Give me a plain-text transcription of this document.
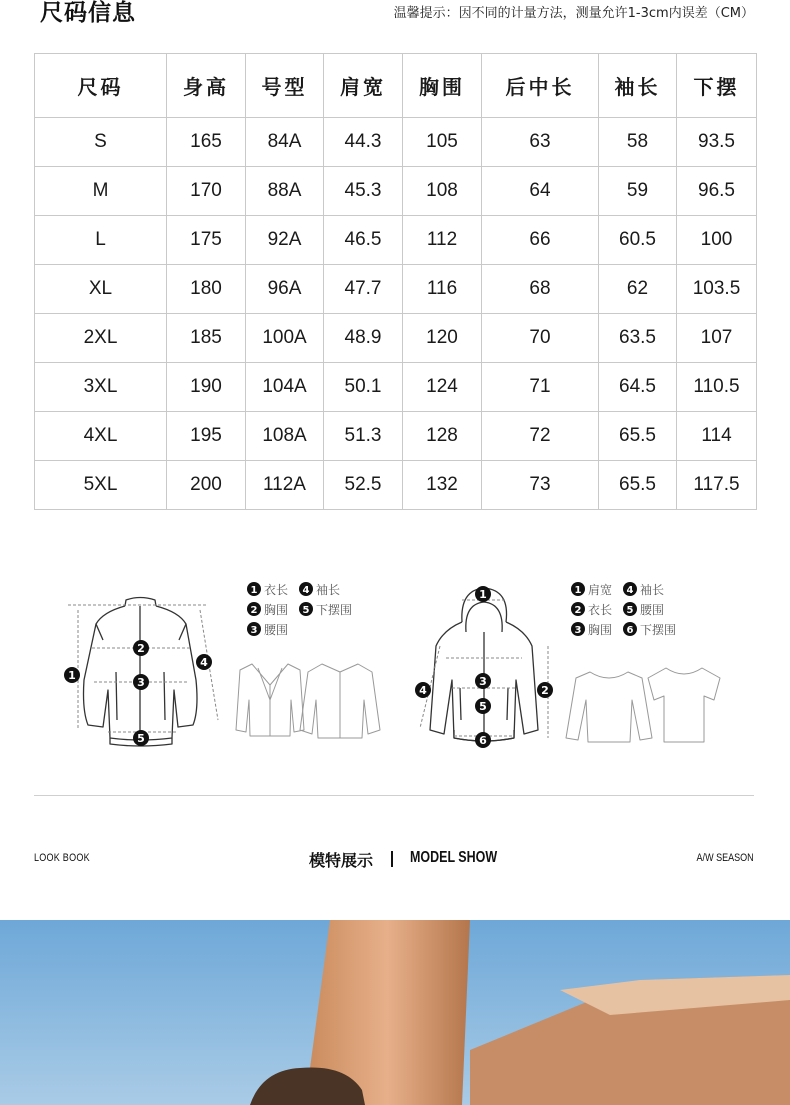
尺码信息	温馨提示：因不同的计量方法，测量允许1-3cm内误差（CM）
尺码	身高	号型	肩宽	胸围	后中长	袖长	下摆
S	165	84A	44.3	105	63	58	93.5
M	170	88A	45.3	108	64	59	96.5
L	175	92A	46.5	112	66	60.5	100
XL	180	96A	47.7	116	68	62	103.5
2XL	185	100A	48.9	120	70	63.5	107
3XL	190	104A	50.1	124	71	64.5	110.5
4XL	195	108A	51.3	128	72	65.5	114
5XL	200	112A	52.5	132	73	65.5	117.5
1
2
3
4
5
1
2
3
4
5
6
1 衣长 4 袖长
2 胸围 5 下摆围
3 腰围
1 肩宽 4 袖长
2 衣长 5 腰围
3 胸围 6 下摆围
LOOK BOOK	模特展示 MODEL SHOW	A/W SEASON
